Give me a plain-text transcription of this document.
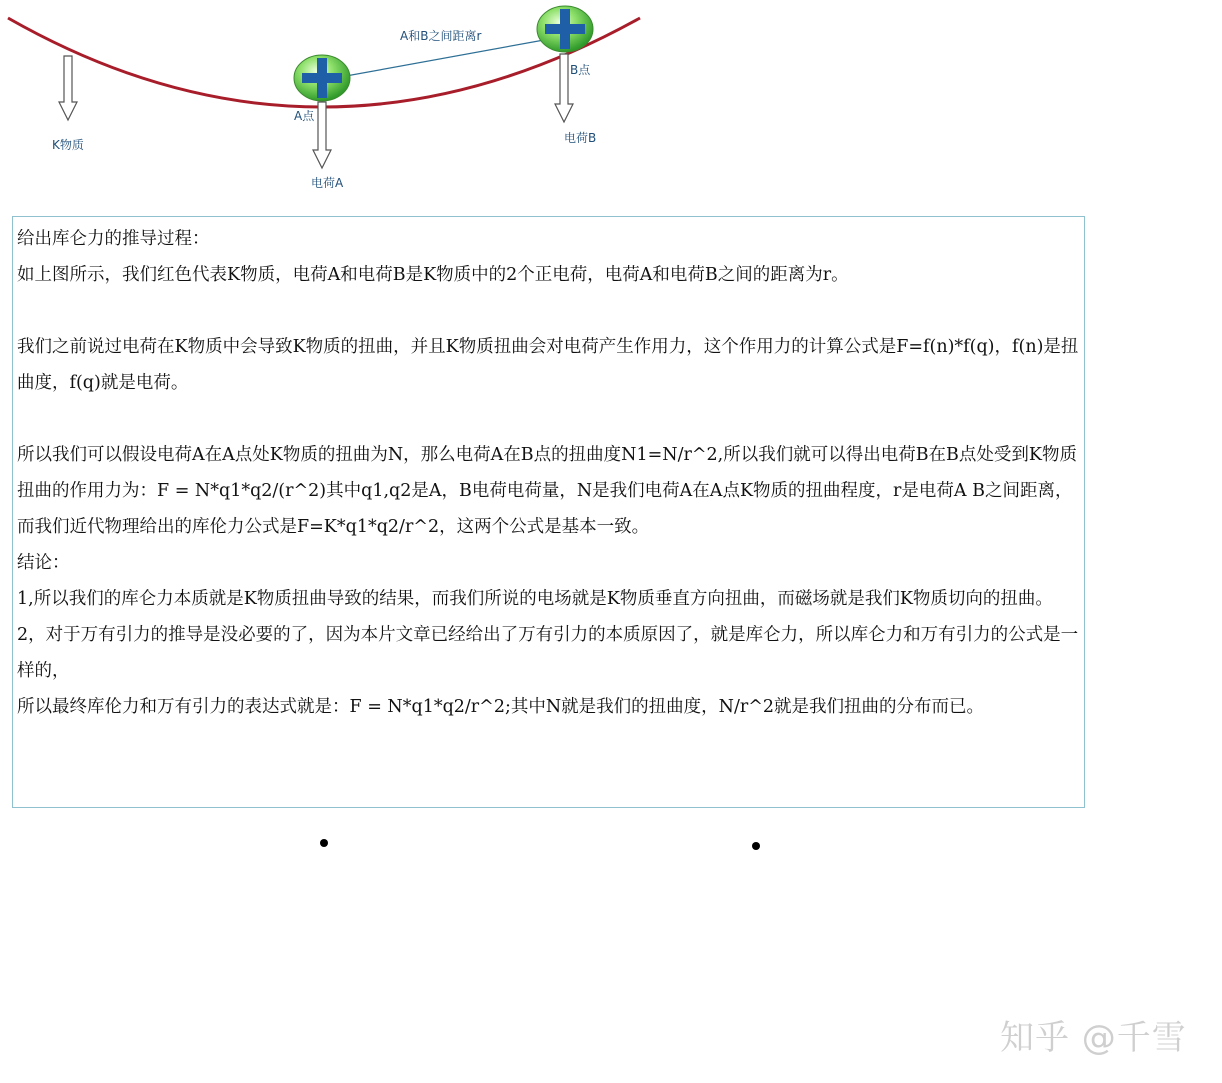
A和B之间距离r
B点
A点
K物质
电荷A
电荷B

给出库仑力的推导过程：

如上图所示，我们红色代表K物质，电荷A和电荷B是K物质中的2个正电荷，电荷A和电荷B之间的距离为r。

我们之前说过电荷在K物质中会导致K物质的扭曲，并且K物质扭曲会对电荷产生作用力，这个作用力的计算公式是F=f(n)*f(q)，f(n)是扭曲度，f(q)就是电荷。

所以我们可以假设电荷A在A点处K物质的扭曲为N，那么电荷A在B点的扭曲度N1=N/r^2,所以我们就可以得出电荷B在B点处受到K物质扭曲的作用力为：F = N*q1*q2/(r^2)其中q1,q2是A，B电荷电荷量，N是我们电荷A在A点K物质的扭曲程度，r是电荷A B之间距离，而我们近代物理给出的库伦力公式是F=K*q1*q2/r^2，这两个公式是基本一致。

结论：

1,所以我们的库仑力本质就是K物质扭曲导致的结果，而我们所说的电场就是K物质垂直方向扭曲，而磁场就是我们K物质切向的扭曲。

2，对于万有引力的推导是没必要的了，因为本片文章已经给出了万有引力的本质原因了，就是库仑力，所以库仑力和万有引力的公式是一样的，

所以最终库伦力和万有引力的表达式就是：F = N*q1*q2/r^2;其中N就是我们的扭曲度，N/r^2就是我们扭曲的分布而已。

知乎 @千雪
